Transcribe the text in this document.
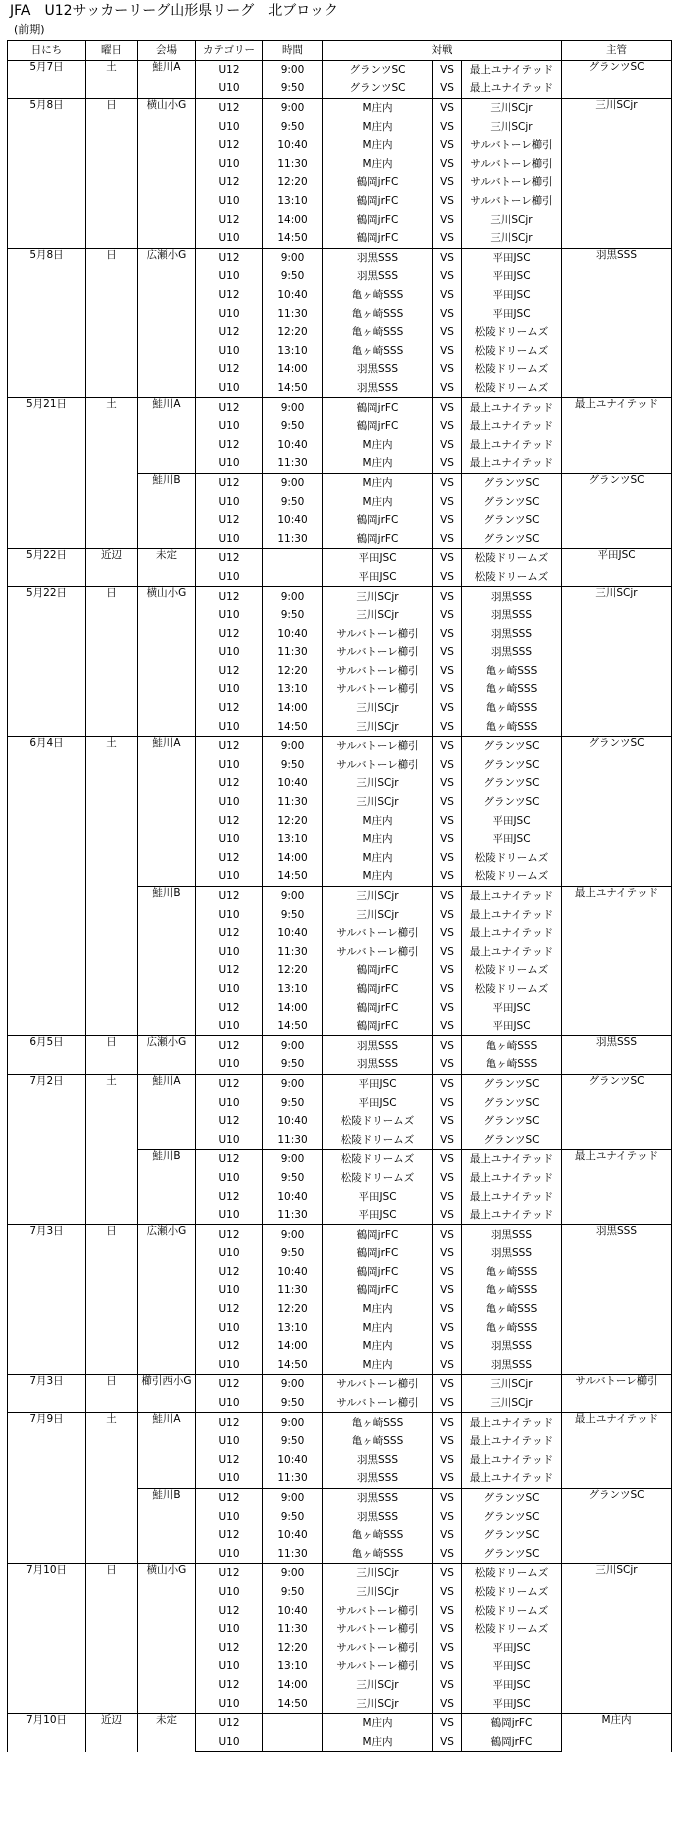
JFA　U12サッカーリーグ山形県リーグ　北ブロック
(前期)
日にち	曜日	会場	カテゴリー	時間	対戦			主管
5月7日	土	鮭川A	U12	9:00	グランツSC	VS	最上ユナイテッド	グランツSC
			U10	9:50	グランツSC	VS	最上ユナイテッド	
5月8日	日	横山小G	U12	9:00	M庄内	VS	三川SCjr	三川SCjr
			U10	9:50	M庄内	VS	三川SCjr	
			U12	10:40	M庄内	VS	サルバトーレ櫛引	
			U10	11:30	M庄内	VS	サルバトーレ櫛引	
			U12	12:20	鶴岡jrFC	VS	サルバトーレ櫛引	
			U10	13:10	鶴岡jrFC	VS	サルバトーレ櫛引	
			U12	14:00	鶴岡jrFC	VS	三川SCjr	
			U10	14:50	鶴岡jrFC	VS	三川SCjr	
5月8日	日	広瀬小G	U12	9:00	羽黒SSS	VS	平田JSC	羽黒SSS
			U10	9:50	羽黒SSS	VS	平田JSC	
			U12	10:40	亀ヶ崎SSS	VS	平田JSC	
			U10	11:30	亀ヶ崎SSS	VS	平田JSC	
			U12	12:20	亀ヶ崎SSS	VS	松陵ドリームズ	
			U10	13:10	亀ヶ崎SSS	VS	松陵ドリームズ	
			U12	14:00	羽黒SSS	VS	松陵ドリームズ	
			U10	14:50	羽黒SSS	VS	松陵ドリームズ	
5月21日	土	鮭川A	U12	9:00	鶴岡jrFC	VS	最上ユナイテッド	最上ユナイテッド
			U10	9:50	鶴岡jrFC	VS	最上ユナイテッド	
			U12	10:40	M庄内	VS	最上ユナイテッド	
			U10	11:30	M庄内	VS	最上ユナイテッド	
		鮭川B	U12	9:00	M庄内	VS	グランツSC	グランツSC
			U10	9:50	M庄内	VS	グランツSC	
			U12	10:40	鶴岡jrFC	VS	グランツSC	
			U10	11:30	鶴岡jrFC	VS	グランツSC	
5月22日	近辺	未定	U12		平田JSC	VS	松陵ドリームズ	平田JSC
			U10		平田JSC	VS	松陵ドリームズ	
5月22日	日	横山小G	U12	9:00	三川SCjr	VS	羽黒SSS	三川SCjr
			U10	9:50	三川SCjr	VS	羽黒SSS	
			U12	10:40	サルバトーレ櫛引	VS	羽黒SSS	
			U10	11:30	サルバトーレ櫛引	VS	羽黒SSS	
			U12	12:20	サルバトーレ櫛引	VS	亀ヶ崎SSS	
			U10	13:10	サルバトーレ櫛引	VS	亀ヶ崎SSS	
			U12	14:00	三川SCjr	VS	亀ヶ崎SSS	
			U10	14:50	三川SCjr	VS	亀ヶ崎SSS	
6月4日	土	鮭川A	U12	9:00	サルバトーレ櫛引	VS	グランツSC	グランツSC
			U10	9:50	サルバトーレ櫛引	VS	グランツSC	
			U12	10:40	三川SCjr	VS	グランツSC	
			U10	11:30	三川SCjr	VS	グランツSC	
			U12	12:20	M庄内	VS	平田JSC	
			U10	13:10	M庄内	VS	平田JSC	
			U12	14:00	M庄内	VS	松陵ドリームズ	
			U10	14:50	M庄内	VS	松陵ドリームズ	
		鮭川B	U12	9:00	三川SCjr	VS	最上ユナイテッド	最上ユナイテッド
			U10	9:50	三川SCjr	VS	最上ユナイテッド	
			U12	10:40	サルバトーレ櫛引	VS	最上ユナイテッド	
			U10	11:30	サルバトーレ櫛引	VS	最上ユナイテッド	
			U12	12:20	鶴岡jrFC	VS	松陵ドリームズ	
			U10	13:10	鶴岡jrFC	VS	松陵ドリームズ	
			U12	14:00	鶴岡jrFC	VS	平田JSC	
			U10	14:50	鶴岡jrFC	VS	平田JSC	
6月5日	日	広瀬小G	U12	9:00	羽黒SSS	VS	亀ヶ崎SSS	羽黒SSS
			U10	9:50	羽黒SSS	VS	亀ヶ崎SSS	
7月2日	土	鮭川A	U12	9:00	平田JSC	VS	グランツSC	グランツSC
			U10	9:50	平田JSC	VS	グランツSC	
			U12	10:40	松陵ドリームズ	VS	グランツSC	
			U10	11:30	松陵ドリームズ	VS	グランツSC	
		鮭川B	U12	9:00	松陵ドリームズ	VS	最上ユナイテッド	最上ユナイテッド
			U10	9:50	松陵ドリームズ	VS	最上ユナイテッド	
			U12	10:40	平田JSC	VS	最上ユナイテッド	
			U10	11:30	平田JSC	VS	最上ユナイテッド	
7月3日	日	広瀬小G	U12	9:00	鶴岡jrFC	VS	羽黒SSS	羽黒SSS
			U10	9:50	鶴岡jrFC	VS	羽黒SSS	
			U12	10:40	鶴岡jrFC	VS	亀ヶ崎SSS	
			U10	11:30	鶴岡jrFC	VS	亀ヶ崎SSS	
			U12	12:20	M庄内	VS	亀ヶ崎SSS	
			U10	13:10	M庄内	VS	亀ヶ崎SSS	
			U12	14:00	M庄内	VS	羽黒SSS	
			U10	14:50	M庄内	VS	羽黒SSS	
7月3日	日	櫛引西小G	U12	9:00	サルバトーレ櫛引	VS	三川SCjr	サルバトーレ櫛引
			U10	9:50	サルバトーレ櫛引	VS	三川SCjr	
7月9日	土	鮭川A	U12	9:00	亀ヶ崎SSS	VS	最上ユナイテッド	最上ユナイテッド
			U10	9:50	亀ヶ崎SSS	VS	最上ユナイテッド	
			U12	10:40	羽黒SSS	VS	最上ユナイテッド	
			U10	11:30	羽黒SSS	VS	最上ユナイテッド	
		鮭川B	U12	9:00	羽黒SSS	VS	グランツSC	グランツSC
			U10	9:50	羽黒SSS	VS	グランツSC	
			U12	10:40	亀ヶ崎SSS	VS	グランツSC	
			U10	11:30	亀ヶ崎SSS	VS	グランツSC	
7月10日	日	横山小G	U12	9:00	三川SCjr	VS	松陵ドリームズ	三川SCjr
			U10	9:50	三川SCjr	VS	松陵ドリームズ	
			U12	10:40	サルバトーレ櫛引	VS	松陵ドリームズ	
			U10	11:30	サルバトーレ櫛引	VS	松陵ドリームズ	
			U12	12:20	サルバトーレ櫛引	VS	平田JSC	
			U10	13:10	サルバトーレ櫛引	VS	平田JSC	
			U12	14:00	三川SCjr	VS	平田JSC	
			U10	14:50	三川SCjr	VS	平田JSC	
7月10日	近辺	未定	U12		M庄内	VS	鶴岡jrFC	M庄内
			U10		M庄内	VS	鶴岡jrFC	
